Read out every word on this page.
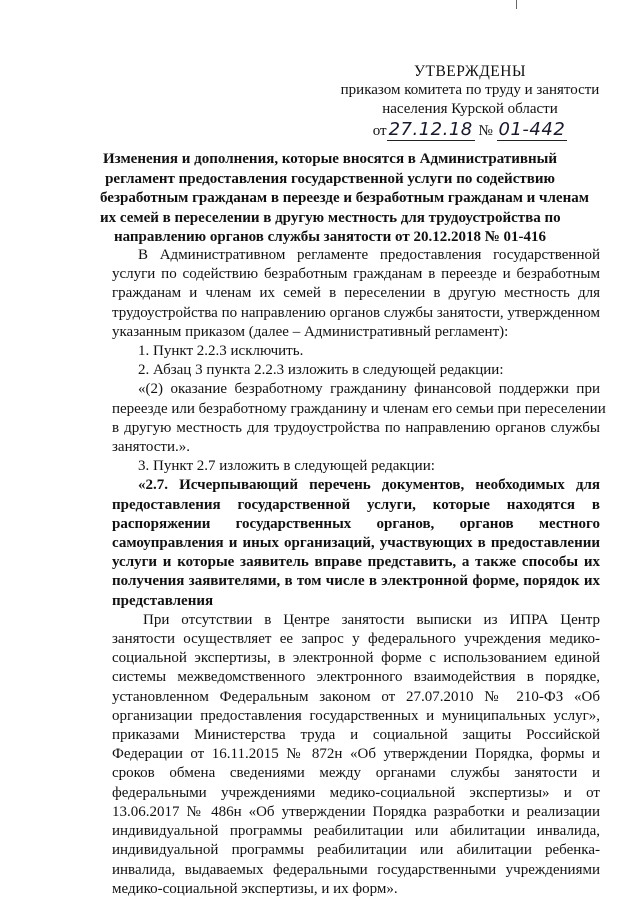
УТВЕРЖДЕНЫ
приказом комитета по труду и занятости
населения Курской области
от 27.12.18 № 01-442
Изменения и дополнения, которые вносятся в Административный
регламент предоставления государственной услуги по содействию
безработным гражданам в переезде и безработным гражданам и членам
их семей в переселении в другую местность для трудоустройства по
направлению органов службы занятости от 20.12.2018 № 01-416
В Административном регламенте предоставления государственной
услуги по содействию безработным гражданам в переезде и безработным
гражданам и членам их семей в переселении в другую местность для
трудоустройства по направлению органов службы занятости, утвержденном
указанным приказом (далее – Административный регламент):
1. Пункт 2.2.3 исключить.
2. Абзац 3 пункта 2.2.3 изложить в следующей редакции:
«(2) оказание безработному гражданину финансовой поддержки при
переезде или безработному гражданину и членам его семьи при переселении
в другую местность для трудоустройства по направлению органов службы
занятости.».
3. Пункт 2.7 изложить в следующей редакции:
«2.7. Исчерпывающий перечень документов, необходимых для
предоставления государственной услуги, которые находятся в
распоряжении государственных органов, органов местного
самоуправления и иных организаций, участвующих в предоставлении
услуги и которые заявитель вправе представить, а также способы их
получения заявителями, в том числе в электронной форме, порядок их
представления
При отсутствии в Центре занятости выписки из ИПРА Центр
занятости осуществляет ее запрос у федерального учреждения медико-
социальной экспертизы, в электронной форме с использованием единой
системы межведомственного электронного взаимодействия в порядке,
установленном Федеральным законом от 27.07.2010 № 210-ФЗ «Об
организации предоставления государственных и муниципальных услуг»,
приказами Министерства труда и социальной защиты Российской
Федерации от 16.11.2015 № 872н «Об утверждении Порядка, формы и
сроков обмена сведениями между органами службы занятости и
федеральными учреждениями медико-социальной экспертизы» и от
13.06.2017 № 486н «Об утверждении Порядка разработки и реализации
индивидуальной программы реабилитации или абилитации инвалида,
индивидуальной программы реабилитации или абилитации ребенка-
инвалида, выдаваемых федеральными государственными учреждениями
медико-социальной экспертизы, и их форм».
